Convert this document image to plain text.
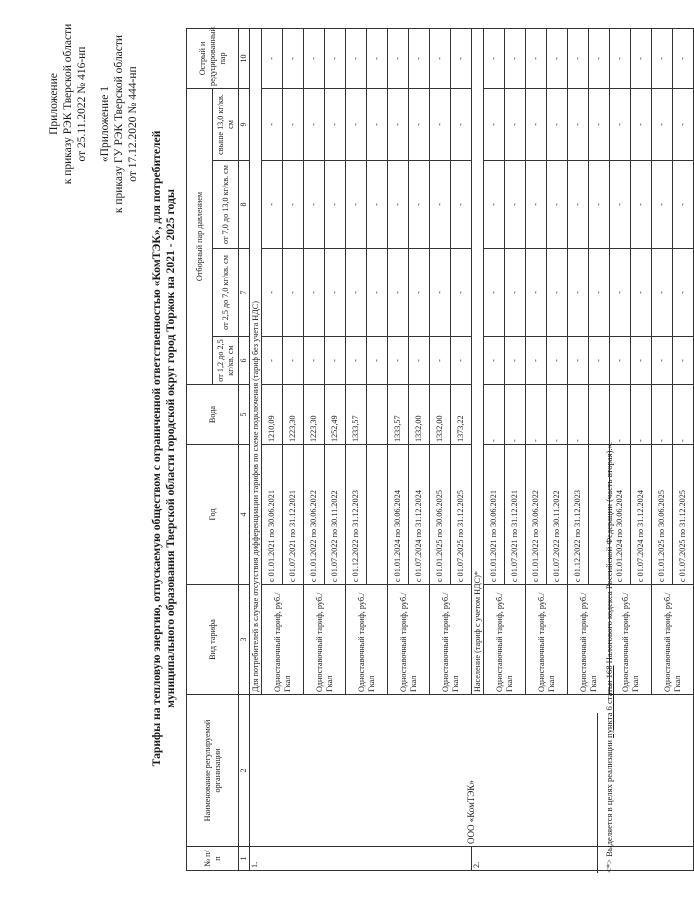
Приложение к приказу РЭК Тверской области от 25.11.2022 № 416-нп «Приложение 1 к приказу ГУ РЭК Тверской области от 17.12.2020 № 444-нп
Тарифы на тепловую энергию, отпускаемую обществом с ограниченной ответственностью «КомТЭК», для потребителей муниципального образования Тверской области городской округ город Торжок на 2021 - 2025 годы
№ п/п	Наименование регулируемой организации	Вид тарифа	Год	Вода	Отборный пар давлением				Острый и редуцированный пар
					от 1,2 до 2,5 кг/кв. см	от 2,5 до 7,0 кг/кв. см	от 7,0 до 13,0 кг/кв. см	свыше 13,0 кг/кв. см	
1	2	3	4	5	6	7	8	9	10
1.	ООО «КомТЭК»	Для потребителей в случае отсутствия дифференциации тарифов по схеме подключения (тариф без учета НДС)							
		Одноставочный тариф, руб./Гкал	с 01.01.2021 по 30.06.2021	1210,09	-	-	-	-	-
			с 01.07.2021 по 31.12.2021	1223,30	-	-	-	-	-
		Одноставочный тариф, руб./Гкал	с 01.01.2022 по 30.06.2022	1223,30	-	-	-	-	-
			с 01.07.2022 по 30.11.2022	1252,49	-	-	-	-	-
		Одноставочный тариф, руб./Гкал	с 01.12.2022 по 31.12.2023	1333,57	-	-	-	-	-
					-	-	-	-	-
		Одноставочный тариф, руб./Гкал	с 01.01.2024 по 30.06.2024	1333,57	-	-	-	-	-
			с 01.07.2024 по 31.12.2024	1332,00	-	-	-	-	-
		Одноставочный тариф, руб./Гкал	с 01.01.2025 по 30.06.2025	1332,00	-	-	-	-	-
			с 01.07.2025 по 31.12.2025	1373,22	-	-	-	-	-
2.		Население (тариф с учетом НДС)*							
		Одноставочный тариф, руб./Гкал	с 01.01.2021 по 30.06.2021	-	-	-	-	-	-
			с 01.07.2021 по 31.12.2021	-	-	-	-	-	-
		Одноставочный тариф, руб./Гкал	с 01.01.2022 по 30.06.2022	-	-	-	-	-	-
			с 01.07.2022 по 30.11.2022	-	-	-	-	-	-
		Одноставочный тариф, руб./Гкал	с 01.12.2022 по 31.12.2023	-	-	-	-	-	-
					-	-	-	-	-
		Одноставочный тариф, руб./Гкал	с 01.01.2024 по 30.06.2024	-	-	-	-	-	-
			с 01.07.2024 по 31.12.2024	-	-	-	-	-	-
		Одноставочный тариф, руб./Гкал	с 01.01.2025 по 30.06.2025	-	-	-	-	-	-
			с 01.07.2025 по 31.12.2025	-	-	-	-	-	-
<*> Выделяется в целях реализации пункта 6 статьи 168 Налогового кодекса Российской Федерации (часть вторая).».
